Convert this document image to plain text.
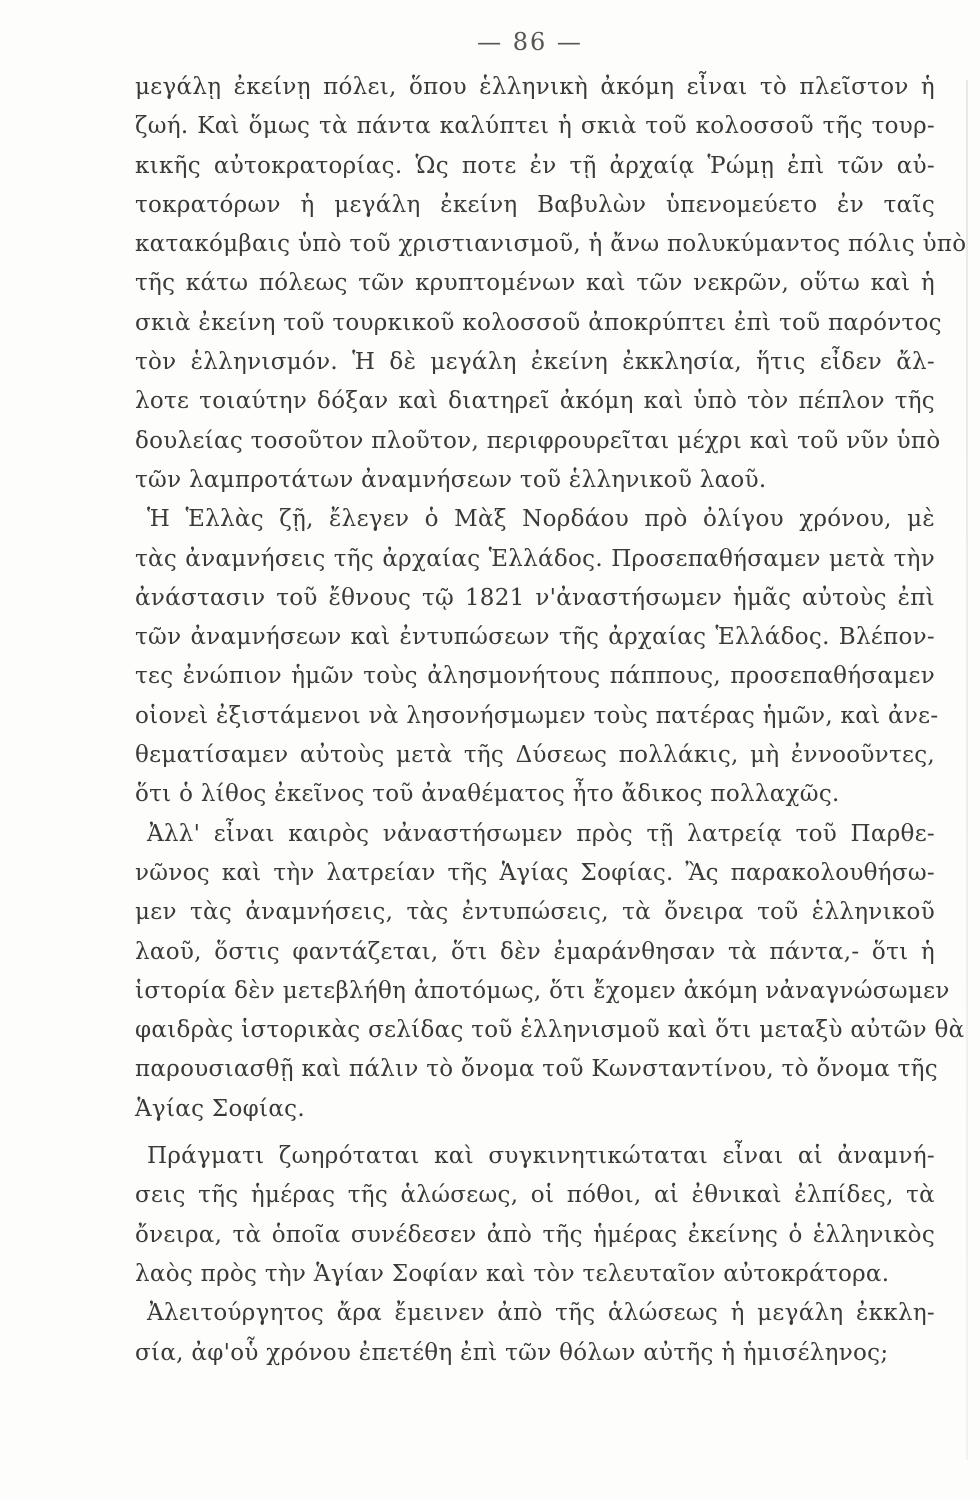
— 86 —
μεγάλῃ ἐκείνῃ πόλει, ὅπου ἑλληνικὴ ἀκόμη εἶναι τὸ πλεῖστον ἡ
ζωή. Καὶ ὅμως τὰ πάντα καλύπτει ἡ σκιὰ τοῦ κολοσσοῦ τῆς τουρ-
κικῆς αὐτοκρατορίας. Ὡς ποτε ἐν τῇ ἀρχαίᾳ Ῥώμῃ ἐπὶ τῶν αὐ-
τοκρατόρων ἡ μεγάλη ἐκείνη Βαβυλὼν ὑπενομεύετο ἐν ταῖς
κατακόμβαις ὑπὸ τοῦ χριστιανισμοῦ, ἡ ἄνω πολυκύμαντος πόλις ὑπὸ
τῆς κάτω πόλεως τῶν κρυπτομένων καὶ τῶν νεκρῶν, οὕτω καὶ ἡ
σκιὰ ἐκείνη τοῦ τουρκικοῦ κολοσσοῦ ἀποκρύπτει ἐπὶ τοῦ παρόντος
τὸν ἑλληνισμόν. Ἡ δὲ μεγάλη ἐκείνη ἐκκλησία, ἥτις εἶδεν ἄλ-
λοτε τοιαύτην δόξαν καὶ διατηρεῖ ἀκόμη καὶ ὑπὸ τὸν πέπλον τῆς
δουλείας τοσοῦτον πλοῦτον, περιφρουρεῖται μέχρι καὶ τοῦ νῦν ὑπὸ
τῶν λαμπροτάτων ἀναμνήσεων τοῦ ἑλληνικοῦ λαοῦ.
Ἡ Ἑλλὰς ζῇ, ἔλεγεν ὁ Μὰξ Νορδάου πρὸ ὀλίγου χρόνου, μὲ
τὰς ἀναμνήσεις τῆς ἀρχαίας Ἑλλάδος. Προσεπαθήσαμεν μετὰ τὴν
ἀνάστασιν τοῦ ἔθνους τῷ 1821 ν'ἀναστήσωμεν ἡμᾶς αὐτοὺς ἐπὶ
τῶν ἀναμνήσεων καὶ ἐντυπώσεων τῆς ἀρχαίας Ἑλλάδος. Βλέπον-
τες ἐνώπιον ἡμῶν τοὺς ἀλησμονήτους πάππους, προσεπαθήσαμεν
οἱονεὶ ἐξιστάμενοι νὰ λησονήσμωμεν τοὺς πατέρας ἡμῶν, καὶ ἀνε-
θεματίσαμεν αὐτοὺς μετὰ τῆς Δύσεως πολλάκις, μὴ ἐννοοῦντες,
ὅτι ὁ λίθος ἐκεῖνος τοῦ ἀναθέματος ἦτο ἄδικος πολλαχῶς.
Ἀλλ' εἶναι καιρὸς νἀναστήσωμεν πρὸς τῇ λατρείᾳ τοῦ Παρθε-
νῶνος καὶ τὴν λατρείαν τῆς Ἁγίας Σοφίας. Ἂς παρακολουθήσω-
μεν τὰς ἀναμνήσεις, τὰς ἐντυπώσεις, τὰ ὄνειρα τοῦ ἑλληνικοῦ
λαοῦ, ὅστις φαντάζεται, ὅτι δὲν ἐμαράνθησαν τὰ πάντα,- ὅτι ἡ
ἱστορία δὲν μετεβλήθη ἀποτόμως, ὅτι ἔχομεν ἀκόμη νἀναγνώσωμεν
φαιδρὰς ἱστορικὰς σελίδας τοῦ ἑλληνισμοῦ καὶ ὅτι μεταξὺ αὐτῶν θὰ
παρουσιασθῇ καὶ πάλιν τὸ ὄνομα τοῦ Κωνσταντίνου, τὸ ὄνομα τῆς
Ἁγίας Σοφίας.
Πράγματι ζωηρόταται καὶ συγκινητικώταται εἶναι αἱ ἀναμνή-
σεις τῆς ἡμέρας τῆς ἁλώσεως, οἱ πόθοι, αἱ ἐθνικαὶ ἐλπίδες, τὰ
ὄνειρα, τὰ ὁποῖα συνέδεσεν ἀπὸ τῆς ἡμέρας ἐκείνης ὁ ἑλληνικὸς
λαὸς πρὸς τὴν Ἁγίαν Σοφίαν καὶ τὸν τελευταῖον αὐτοκράτορα.
Ἀλειτούργητος ἄρα ἔμεινεν ἀπὸ τῆς ἁλώσεως ἡ μεγάλη ἐκκλη-
σία, ἀφ'οὗ χρόνου ἐπετέθη ἐπὶ τῶν θόλων αὐτῆς ἡ ἡμισέληνος;
